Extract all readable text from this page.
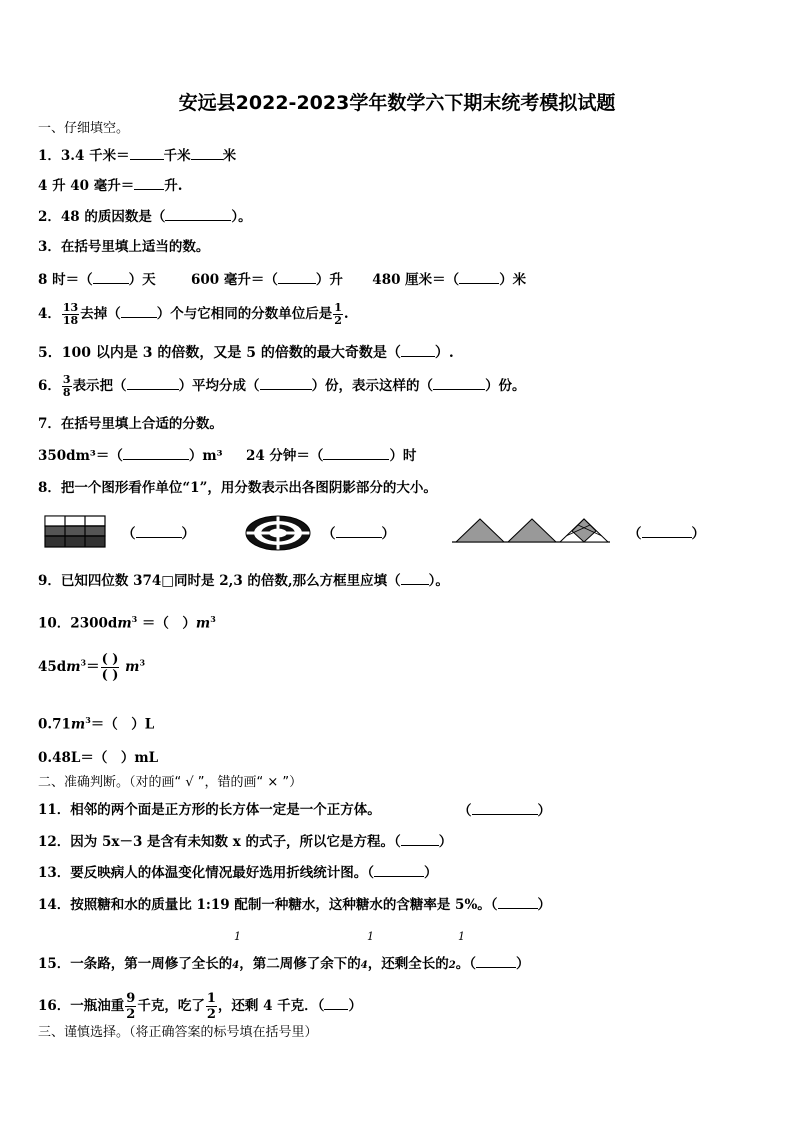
安远县2022-2023学年数学六下期末统考模拟试题
一、仔细填空。
1．3.4 千米＝	千米 米
4 升 40 毫升＝ 升.
2．48 的质因数是（	）。
3．在括号里填上适当的数。
8 时＝（	）天	600 毫升＝（	）升 480 厘米＝（	）米
4． $\frac{13}{18}$ 去掉（	）个与它相同的分数单位后是 $\frac{1}{2}$ .
5．100 以内是 3 的倍数，又是 5 的倍数的最大奇数是（ ）.
6． $\frac{3}{8}$ 表示把（	）平均分成（	）份，表示这样的（	）份。
7．在括号里填上合适的分数。
350dm³＝（	）m³ 24 分钟＝（	）时
8．把一个图形看作单位“1”，用分数表示出各图阴影部分的大小。
（	）	（	）	（	）
9．已知四位数 374□同时是 2,3 的倍数,那么方框里应填（ ）。
10．$2300dm^3$ ＝（　）$m^3$
$45dm^3= \frac{( )}{( )} m^3$
$0.71m^3=$（　）L
0.48L＝（　）mL
二、准确判断。（对的画“ √ ”，错的画“ × ”）
11．相邻的两个面是正方形的长方体一定是一个正方体。	（	）
12．因为 5x－3 是含有未知数 x 的式子，所以它是方程。（	）
13．要反映病人的体温变化情况最好选用折线统计图。（	）
14．按照糖和水的质量比 1:19 配制一种糖水，这种糖水的含糖率是 5%。（	）
1	1	1
15．一条路，第一周修了全长的4，第二周修了余下的4，还剩全长的2。（	）
16．一瓶油重 $\frac{9}{2}$ 千克，吃了 $\frac{1}{2}$ ，还剩 4 千克．（ ）
三、谨慎选择。（将正确答案的标号填在括号里）
